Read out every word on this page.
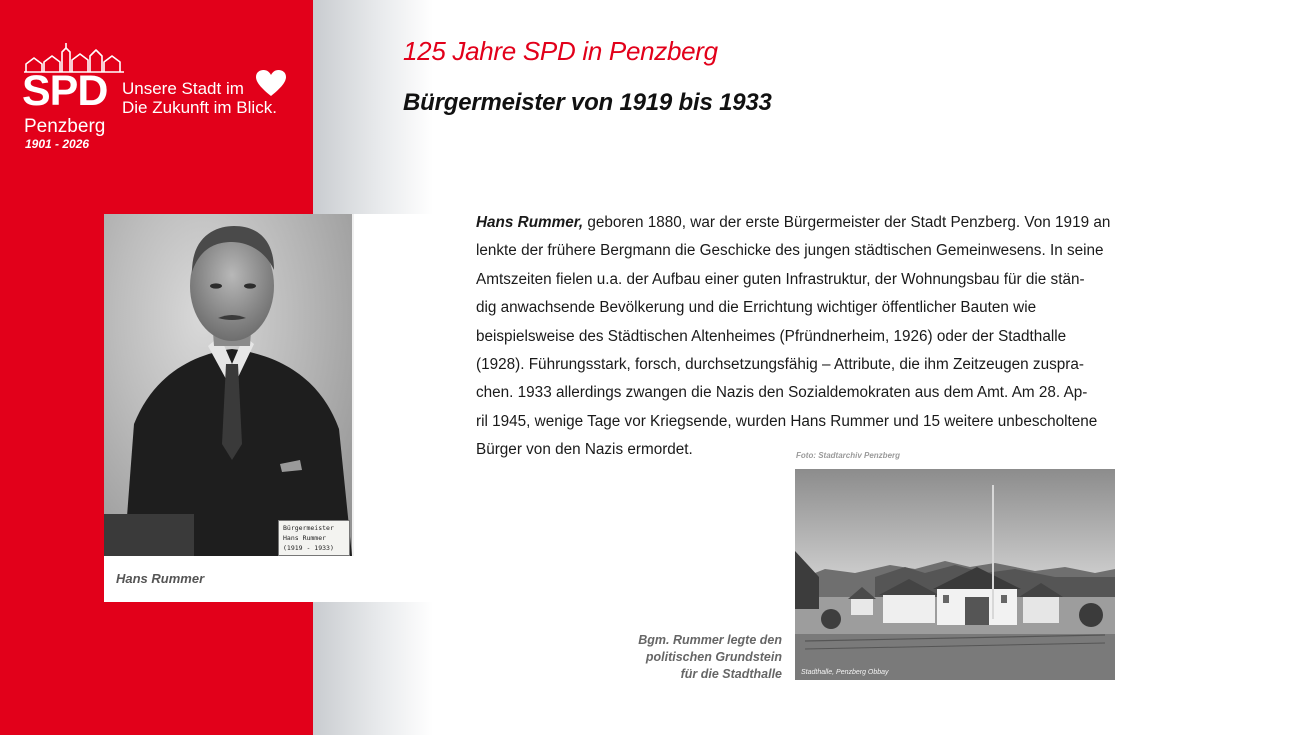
SPD Unsere Stadt im
Die Zukunft im Blick.
Penzberg
1901 - 2026
125 Jahre SPD in Penzberg
Bürgermeister von 1919 bis 1933
Bürgermeister
Hans Rummer
(1919 - 1933)
Hans Rummer
Hans Rummer, geboren 1880, war der erste Bürgermeister der Stadt Penzberg. Von 1919 an
lenkte der frühere Bergmann die Geschicke des jungen städtischen Gemeinwesens. In seine
Amtszeiten fielen u.a. der Aufbau einer guten Infrastruktur, der Wohnungsbau für die stän-
dig anwachsende Bevölkerung und die Errichtung wichtiger öffentlicher Bauten wie
beispielsweise des Städtischen Altenheimes (Pfründnerheim, 1926) oder der Stadthalle
(1928). Führungsstark, forsch, durchsetzungsfähig – Attribute, die ihm Zeitzeugen zuspra-
chen. 1933 allerdings zwangen die Nazis den Sozialdemokraten aus dem Amt. Am 28. Ap-
ril 1945, wenige Tage vor Kriegsende, wurden Hans Rummer und 15 weitere unbescholtene
Bürger von den Nazis ermordet.	Foto: Stadtarchiv Penzberg
Stadthalle, Penzberg Obbay
Bgm. Rummer legte den
politischen Grundstein
für die Stadthalle
